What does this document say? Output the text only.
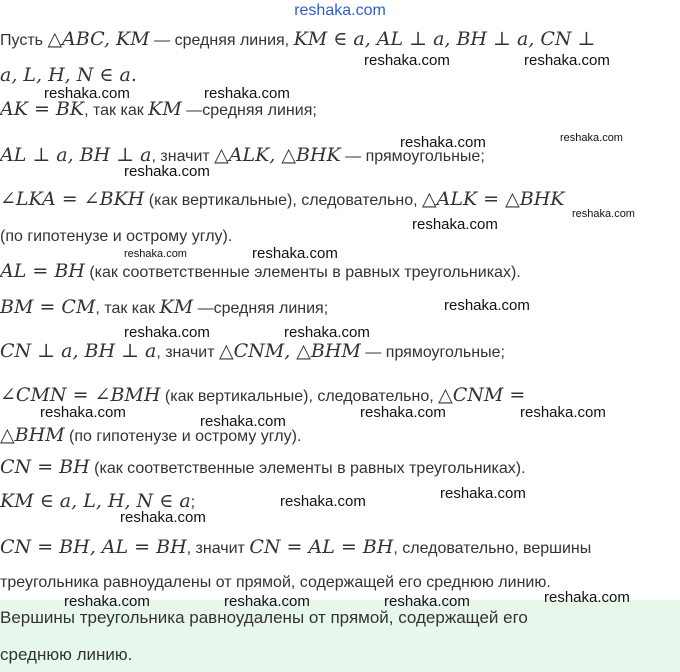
reshaka.com
Пусть △ABC, KM — средняя линия, KM ∈ a, AL ⊥ a, BH ⊥ a, CN ⊥
a, L, H, N ∈ a.
AK = BK, так как KM —средняя линия;
AL ⊥ a, BH ⊥ a, значит △ALK, △BHK — прямоугольные;
∠LKA = ∠BKH (как вертикальные), следовательно, △ALK = △BHK
(по гипотенузе и острому углу).
AL = BH (как соответственные элементы в равных треугольниках).
BM = CM, так как KM —средняя линия;
CN ⊥ a, BH ⊥ a, значит △CNM, △BHM — прямоугольные;
∠CMN = ∠BMH (как вертикальные), следовательно, △CNM =
△BHM (по гипотенузе и острому углу).
CN = BH (как соответственные элементы в равных треугольниках).
KM ∈ a, L, H, N ∈ a;
CN = BH, AL = BH, значит CN = AL = BH, следовательно, вершины
треугольника равноудалены от прямой, содержащей его среднюю линию.
Вершины треугольника равноудалены от прямой, содержащей его
среднюю линию.
reshaka.com	reshaka.com
reshaka.com	reshaka.com
reshaka.com	reshaka.com
reshaka.com
reshaka.com
reshaka.com
reshaka.com	reshaka.com
reshaka.com
reshaka.com	reshaka.com
reshaka.com
reshaka.com
reshaka.com	reshaka.com
reshaka.com	reshaka.com
reshaka.com
reshaka.com	reshaka.com	reshaka.com	reshaka.com
